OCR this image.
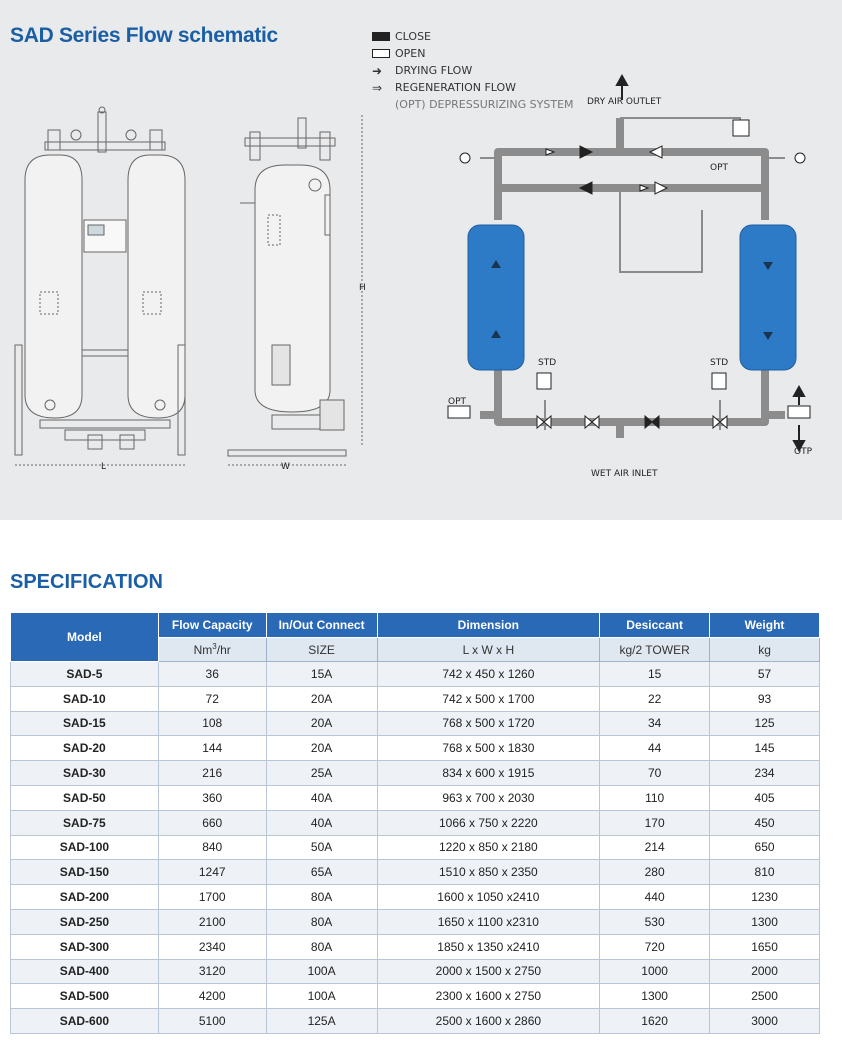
SAD Series Flow schematic	CLOSE
OPEN
➜	DRYING FLOW
⇒	REGENERATION FLOW
(OPT) DEPRESSURIZING SYSTEM
L	W
H
DRY AIR OUTLET
OPT
OPT
STD	STD
OTP
WET AIR INLET
SPECIFICATION
Model	Flow Capacity	In/Out Connect	Dimension	Desiccant	Weight
	Nm$^3$/hr	SIZE	L x W x H	kg/2 TOWER	kg
SAD-5	36	15A	742 x 450 x 1260	15	57
SAD-10	72	20A	742 x 500 x 1700	22	93
SAD-15	108	20A	768 x 500 x 1720	34	125
SAD-20	144	20A	768 x 500 x 1830	44	145
SAD-30	216	25A	834 x 600 x 1915	70	234
SAD-50	360	40A	963 x 700 x 2030	110	405
SAD-75	660	40A	1066 x 750 x 2220	170	450
SAD-100	840	50A	1220 x 850 x 2180	214	650
SAD-150	1247	65A	1510 x 850 x 2350	280	810
SAD-200	1700	80A	1600 x 1050 x2410	440	1230
SAD-250	2100	80A	1650 x 1100 x2310	530	1300
SAD-300	2340	80A	1850 x 1350 x2410	720	1650
SAD-400	3120	100A	2000 x 1500 x 2750	1000	2000
SAD-500	4200	100A	2300 x 1600 x 2750	1300	2500
SAD-600	5100	125A	2500 x 1600 x 2860	1620	3000
